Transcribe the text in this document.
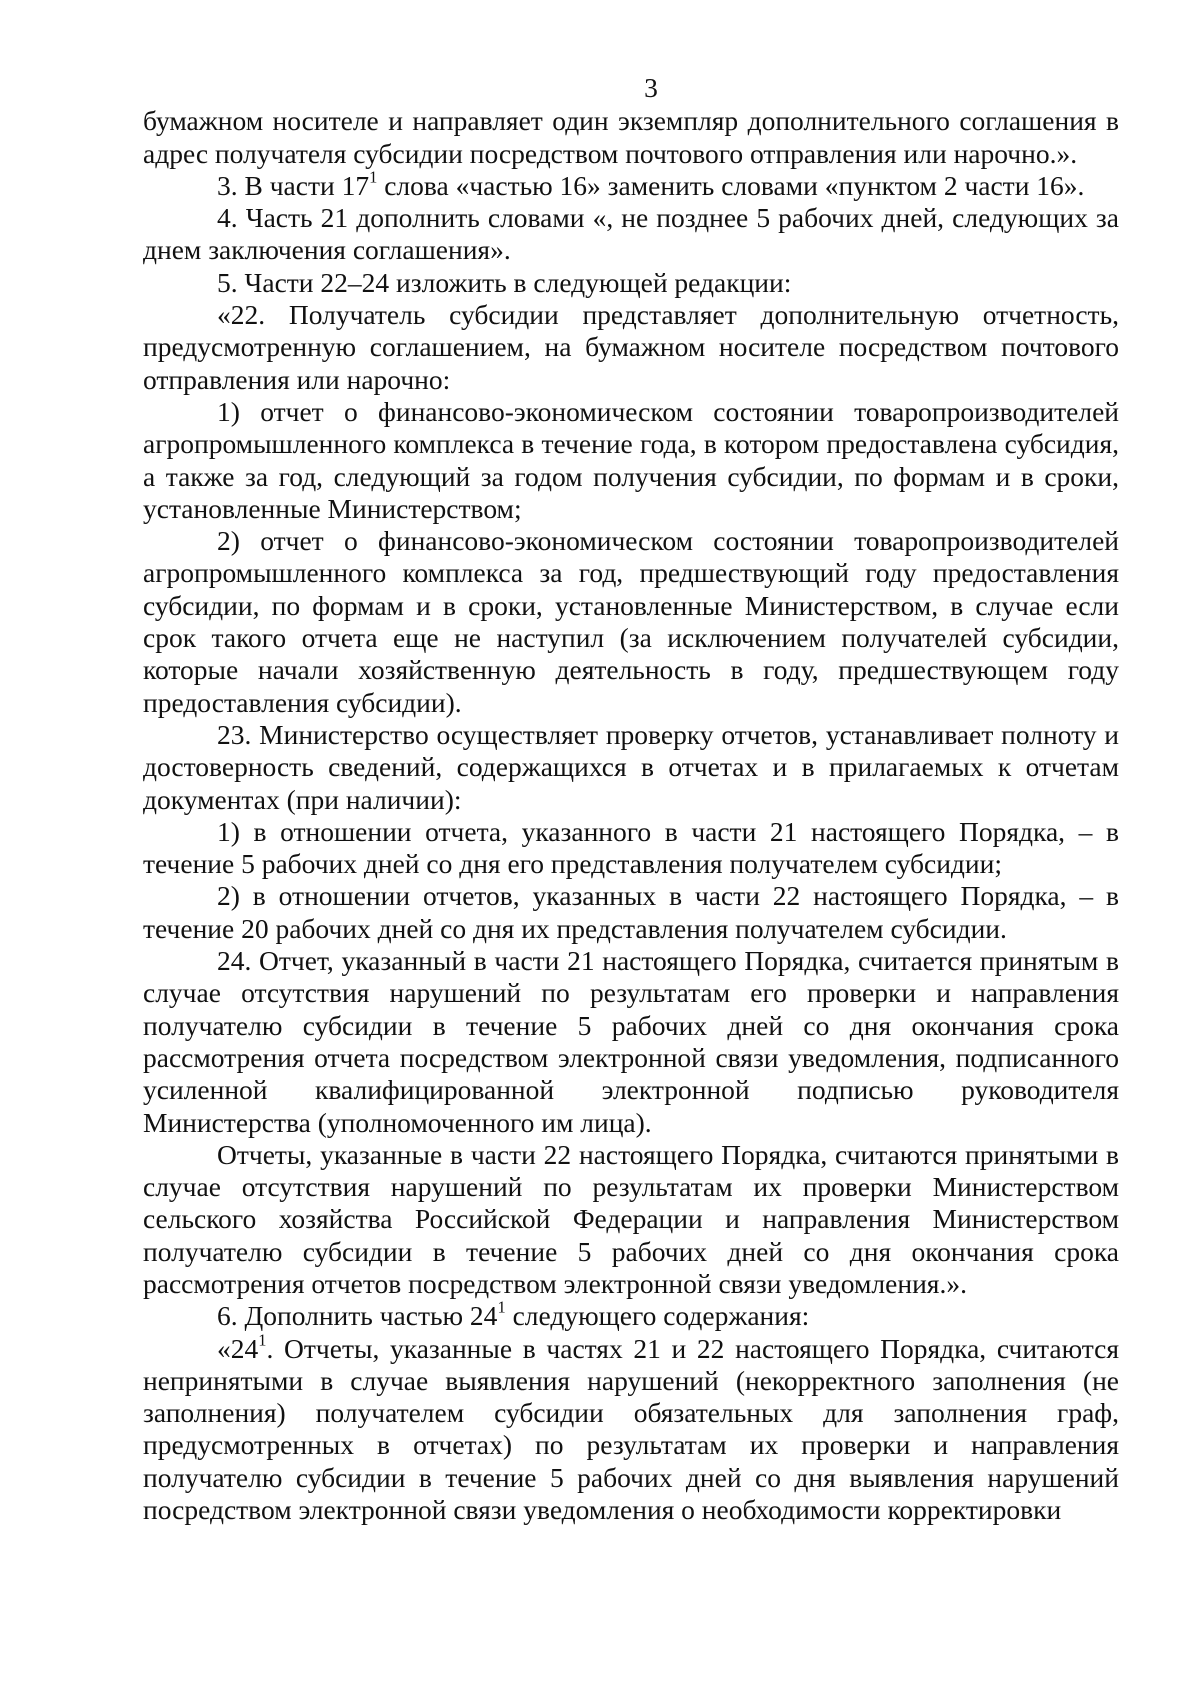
3

бумажном носителе и направляет один экземпляр дополнительного соглашения в адрес получателя субсидии посредством почтового отправления или нарочно.».

3. В части $17^1$ слова «частью 16» заменить словами «пунктом 2 части 16».

4. Часть 21 дополнить словами «, не позднее 5 рабочих дней, следующих за днем заключения соглашения».

5. Части 22–24 изложить в следующей редакции:

«22. Получатель субсидии представляет дополнительную отчетность, предусмотренную соглашением, на бумажном носителе посредством почтового отправления или нарочно:

1) отчет о финансово-экономическом состоянии товаропроизводителей агропромышленного комплекса в течение года, в котором предоставлена субсидия, а также за год, следующий за годом получения субсидии, по формам и в сроки, установленные Министерством;

2) отчет о финансово-экономическом состоянии товаропроизводителей агропромышленного комплекса за год, предшествующий году предоставления субсидии, по формам и в сроки, установленные Министерством, в случае если срок такого отчета еще не наступил (за исключением получателей субсидии, которые начали хозяйственную деятельность в году, предшествующем году предоставления субсидии).

23. Министерство осуществляет проверку отчетов, устанавливает полноту и достоверность сведений, содержащихся в отчетах и в прилагаемых к отчетам документах (при наличии):

1) в отношении отчета, указанного в части 21 настоящего Порядка, – в течение 5 рабочих дней со дня его представления получателем субсидии;

2) в отношении отчетов, указанных в части 22 настоящего Порядка, – в течение 20 рабочих дней со дня их представления получателем субсидии.

24. Отчет, указанный в части 21 настоящего Порядка, считается принятым в случае отсутствия нарушений по результатам его проверки и направления получателю субсидии в течение 5 рабочих дней со дня окончания срока рассмотрения отчета посредством электронной связи уведомления, подписанного усиленной квалифицированной электронной подписью руководителя Министерства (уполномоченного им лица).

Отчеты, указанные в части 22 настоящего Порядка, считаются принятыми в случае отсутствия нарушений по результатам их проверки Министерством сельского хозяйства Российской Федерации и направления Министерством получателю субсидии в течение 5 рабочих дней со дня окончания срока рассмотрения отчетов посредством электронной связи уведомления.».

6. Дополнить частью $24^1$ следующего содержания:

«$24^1$. Отчеты, указанные в частях 21 и 22 настоящего Порядка, считаются непринятыми в случае выявления нарушений (некорректного заполнения (не заполнения) получателем субсидии обязательных для заполнения граф, предусмотренных в отчетах) по результатам их проверки и направления получателю субсидии в течение 5 рабочих дней со дня выявления нарушений посредством электронной связи уведомления о необходимости корректировки
